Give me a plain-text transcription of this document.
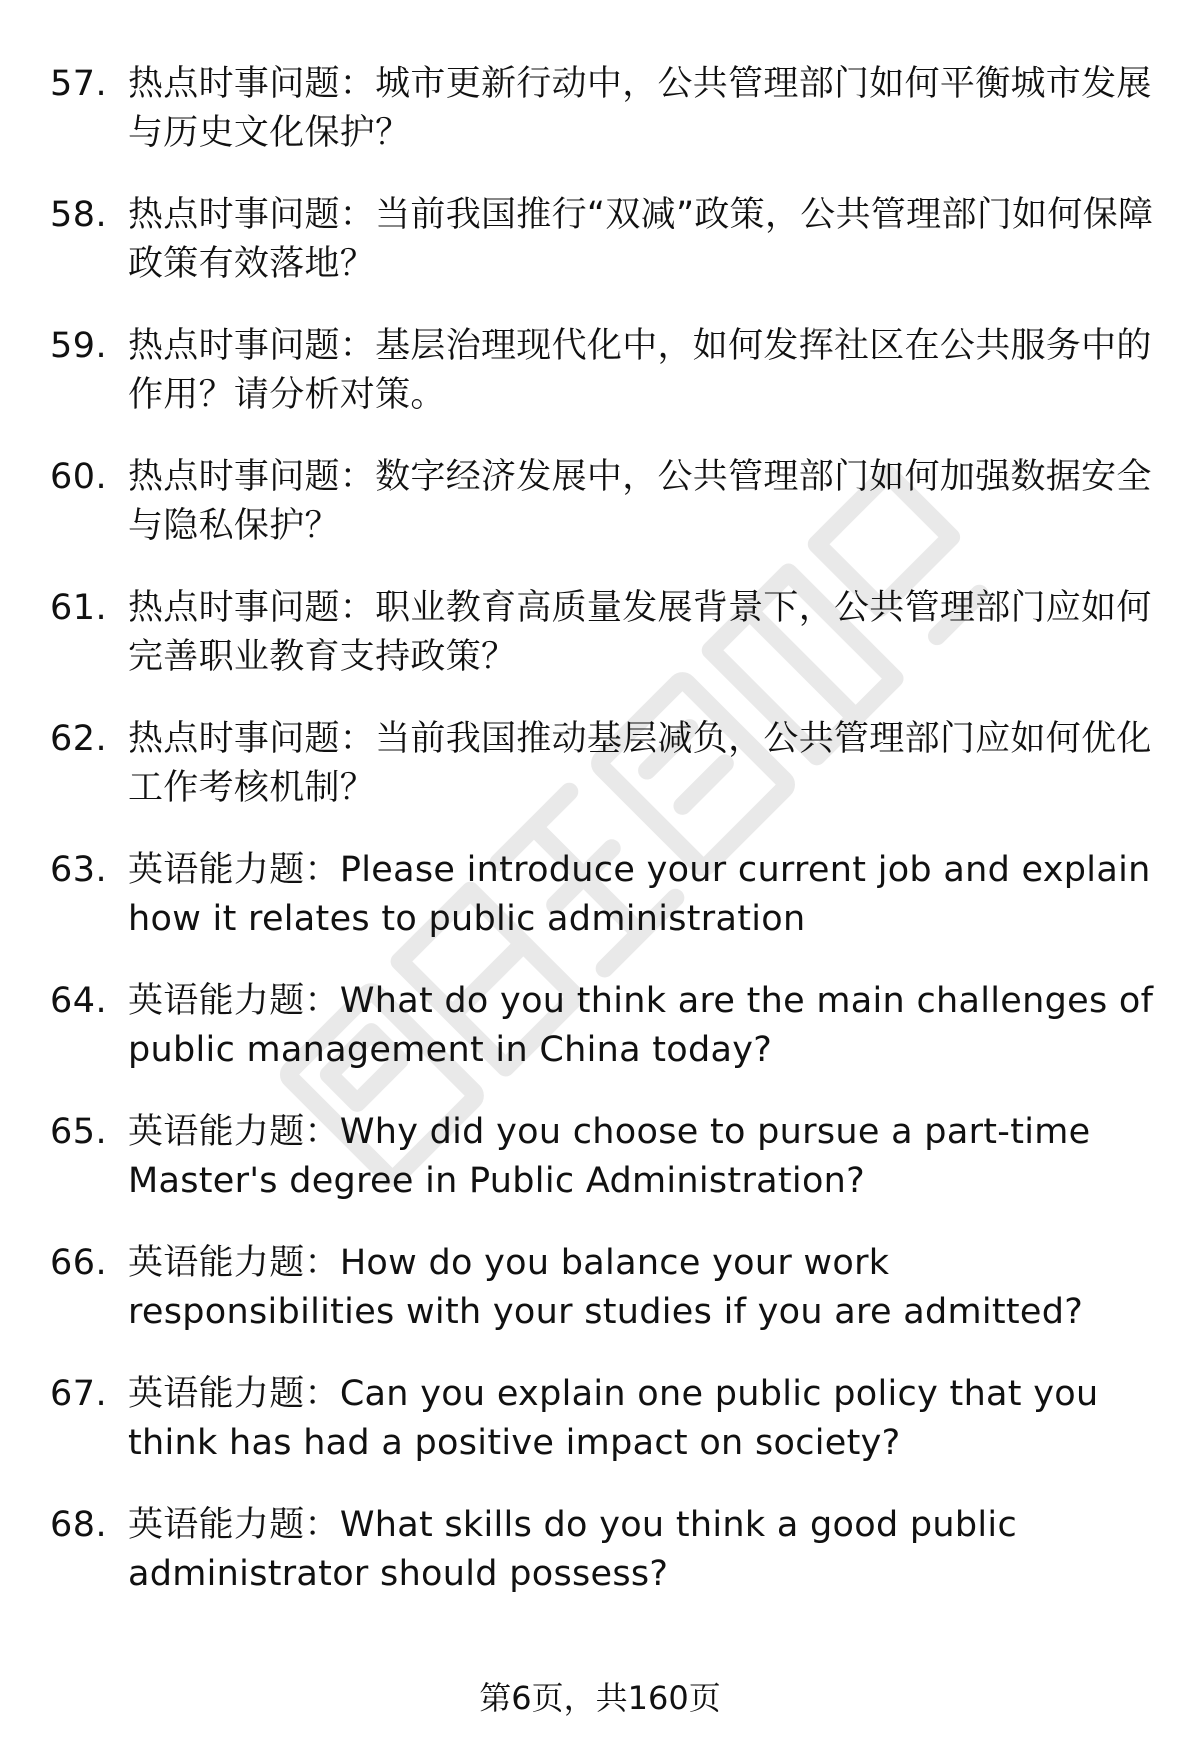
57. 热点时事问题：城市更新行动中，公共管理部门如何平衡城市发展与历史文化保护？
58. 热点时事问题：当前我国推行“双减”政策，公共管理部门如何保障政策有效落地？
59. 热点时事问题：基层治理现代化中，如何发挥社区在公共服务中的作用？请分析对策。
60. 热点时事问题：数字经济发展中，公共管理部门如何加强数据安全与隐私保护？
61. 热点时事问题：职业教育高质量发展背景下，公共管理部门应如何完善职业教育支持政策？
62. 热点时事问题：当前我国推动基层减负，公共管理部门应如何优化工作考核机制？
63. 英语能力题：Please introduce your current job and explain how it relates to public administration
64. 英语能力题：What do you think are the main challenges of public management in China today?
65. 英语能力题：Why did you choose to pursue a part-time Master's degree in Public Administration?
66. 英语能力题：How do you balance your work responsibilities with your studies if you are admitted?
67. 英语能力题：Can you explain one public policy that you think has had a positive impact on society?
68. 英语能力题：What skills do you think a good public administrator should possess?
第6页，共160页
